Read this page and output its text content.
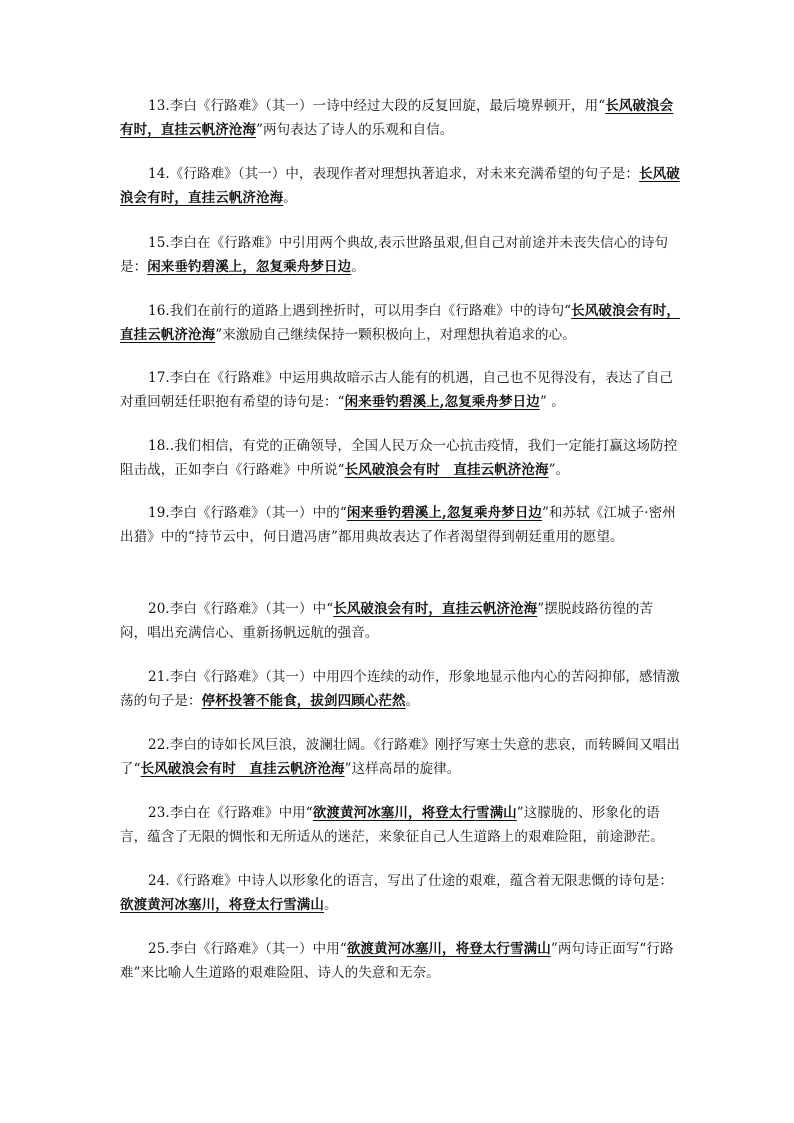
13.李白《行路难》（其一）一诗中经过大段的反复回旋，最后境界顿开，用“长风破浪会有时，直挂云帆济沧海”两句表达了诗人的乐观和自信。

14.《行路难》（其一）中，表现作者对理想执著追求，对未来充满希望的句子是：长风破浪会有时，直挂云帆济沧海。

15.李白在《行路难》中引用两个典故,表示世路虽艰,但自己对前途并未丧失信心的诗句是：闲来垂钓碧溪上，忽复乘舟梦日边。

16.我们在前行的道路上遇到挫折时，可以用李白《行路难》中的诗句“长风破浪会有时，直挂云帆济沧海”来激励自己继续保持一颗积极向上，对理想执着追求的心。

17.李白在《行路难》中运用典故暗示古人能有的机遇，自己也不见得没有，表达了自己对重回朝廷任职抱有希望的诗句是：“闲来垂钓碧溪上,忽复乘舟梦日边” 。

18..我们相信，有党的正确领导，全国人民万众一心抗击疫情，我们一定能打赢这场防控阻击战，正如李白《行路难》中所说“长风破浪会有时　直挂云帆济沧海”。

19.李白《行路难》（其一）中的“闲来垂钓碧溪上,忽复乘舟梦日边”和苏轼《江城子·密州出猎》中的“持节云中，何日遣冯唐”都用典故表达了作者渴望得到朝廷重用的愿望。

20.李白《行路难》（其一）中“长风破浪会有时，直挂云帆济沧海”摆脱歧路彷徨的苦闷，唱出充满信心、重新扬帆远航的强音。

21.李白《行路难》（其一）中用四个连续的动作，形象地显示他内心的苦闷抑郁，感情激荡的句子是：停杯投箸不能食，拔剑四顾心茫然。

22.李白的诗如长风巨浪，波澜壮阔。《行路难》刚抒写寒士失意的悲哀，而转瞬间又唱出了“长风破浪会有时　直挂云帆济沧海”这样高昂的旋律。

23.李白在《行路难》中用“欲渡黄河冰塞川，将登太行雪满山”这朦胧的、形象化的语言，蕴含了无限的惆怅和无所适从的迷茫，来象征自己人生道路上的艰难险阻，前途渺茫。

24.《行路难》中诗人以形象化的语言，写出了仕途的艰难，蕴含着无限悲慨的诗句是：欲渡黄河冰塞川，将登太行雪满山。

25.李白《行路难》（其一）中用“欲渡黄河冰塞川，将登太行雪满山”两句诗正面写“行路难”来比喻人生道路的艰难险阻、诗人的失意和无奈。
